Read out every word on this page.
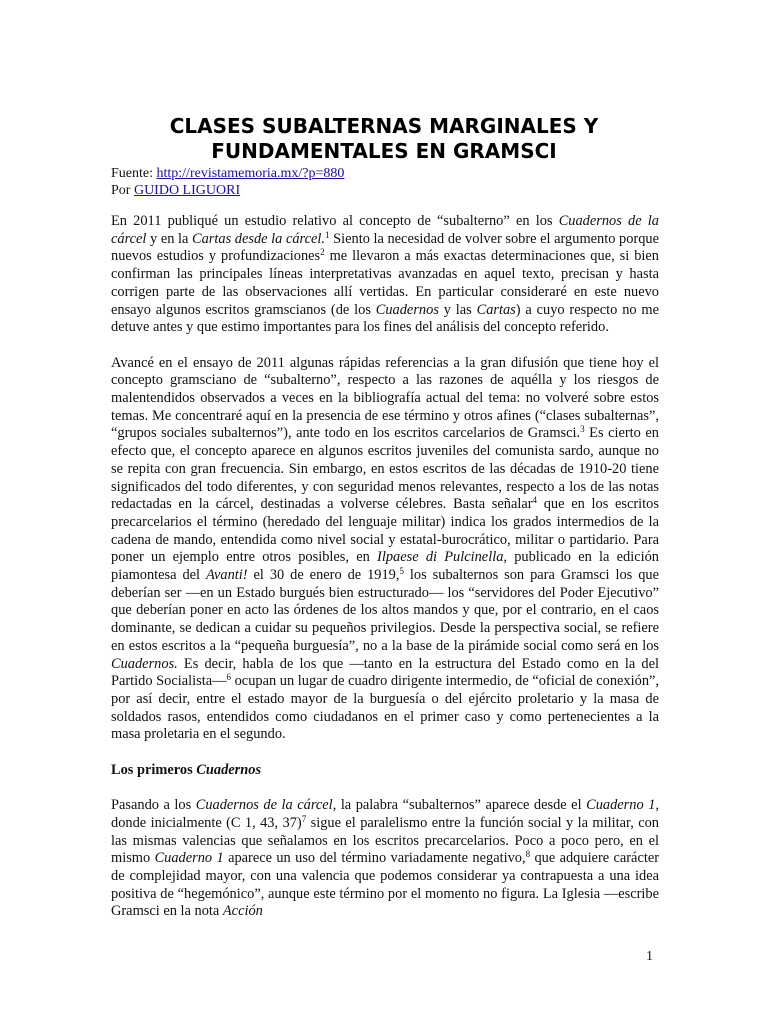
CLASES SUBALTERNAS MARGINALES Y
FUNDAMENTALES EN GRAMSCI
Fuente: http://revistamemoria.mx/?p=880
Por GUIDO LIGUORI

En 2011 publiqué un estudio relativo al concepto de “subalterno” en los Cuadernos de la cárcel y en la Cartas desde la cárcel.$^1$ Siento la necesidad de volver sobre el argumento porque nuevos estudios y profundizaciones$^2$ me llevaron a más exactas determinaciones que, si bien confirman las principales líneas interpretativas avanzadas en aquel texto, precisan y hasta corrigen parte de las observaciones allí vertidas. En particular consideraré en este nuevo ensayo algunos escritos gramscianos (de los Cuadernos y las Cartas) a cuyo respecto no me detuve antes y que estimo importantes para los fines del análisis del concepto referido.

Avancé en el ensayo de 2011 algunas rápidas referencias a la gran difusión que tiene hoy el concepto gramsciano de “subalterno”, respecto a las razones de aquélla y los riesgos de malentendidos observados a veces en la bibliografía actual del tema: no volveré sobre estos temas. Me concentraré aquí en la presencia de ese término y otros afines (“clases subalternas”, “grupos sociales subalternos”), ante todo en los escritos carcelarios de Gramsci.$^3$ Es cierto en efecto que, el concepto aparece en algunos escritos juveniles del comunista sardo, aunque no se repita con gran frecuencia. Sin embargo, en estos escritos de las décadas de 1910-20 tiene significados del todo diferentes, y con seguridad menos relevantes, respecto a los de las notas redactadas en la cárcel, destinadas a volverse célebres. Basta señalar$^4$ que en los escritos precarcelarios el término (heredado del lenguaje militar) indica los grados intermedios de la cadena de mando, entendida como nivel social y estatal-burocrático, militar o partidario. Para poner un ejemplo entre otros posibles, en Ilpaese di Pulcinella, publicado en la edición piamontesa del Avanti! el 30 de enero de 1919,$^5$ los subalternos son para Gramsci los que deberían ser —en un Estado burgués bien estructurado— los “servidores del Poder Ejecutivo” que deberían poner en acto las órdenes de los altos mandos y que, por el contrario, en el caos dominante, se dedican a cuidar su pequeños privilegios. Desde la perspectiva social, se refiere en estos escritos a la “pequeña burguesía”, no a la base de la pirámide social como será en los Cuadernos. Es decir, habla de los que —tanto en la estructura del Estado como en la del Partido Socialista—$^6$ ocupan un lugar de cuadro dirigente intermedio, de “oficial de conexión”, por así decir, entre el estado mayor de la burguesía o del ejército proletario y la masa de soldados rasos, entendidos como ciudadanos en el primer caso y como pertenecientes a la masa proletaria en el segundo.

Los primeros Cuadernos

Pasando a los Cuadernos de la cárcel, la palabra “subalternos” aparece desde el Cuaderno 1, donde inicialmente (C 1, 43, 37)$^7$ sigue el paralelismo entre la función social y la militar, con las mismas valencias que señalamos en los escritos precarcelarios. Poco a poco pero, en el mismo Cuaderno 1 aparece un uso del término variadamente negativo,$^8$ que adquiere carácter de complejidad mayor, con una valencia que podemos considerar ya contrapuesta a una idea positiva de “hegemónico”, aunque este término por el momento no figura. La Iglesia —escribe Gramsci en la nota Acción

1
